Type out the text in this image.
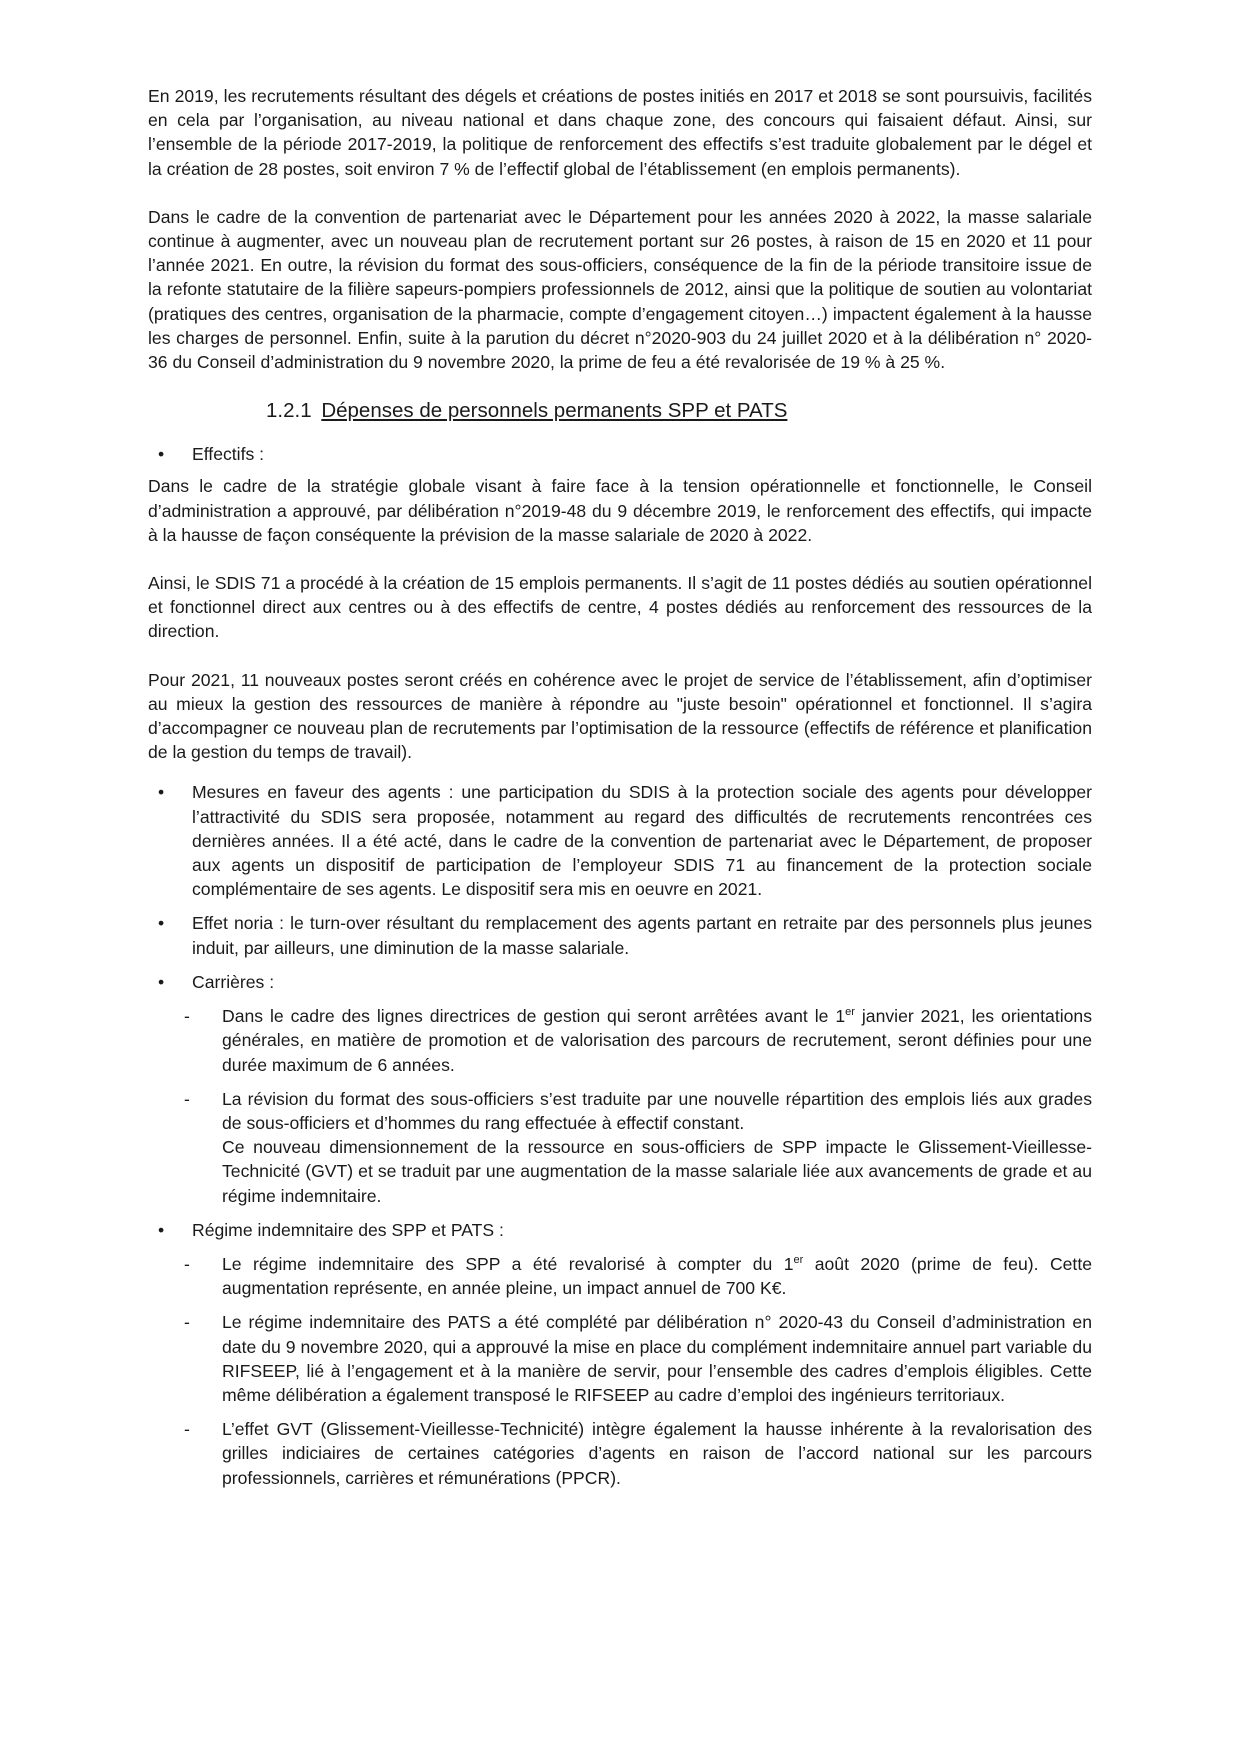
En 2019, les recrutements résultant des dégels et créations de postes initiés en 2017 et 2018 se sont poursuivis, facilités en cela par l’organisation, au niveau national et dans chaque zone, des concours qui faisaient défaut. Ainsi, sur l’ensemble de la période 2017-2019, la politique de renforcement des effectifs s’est traduite globalement par le dégel et la création de 28 postes, soit environ 7 % de l’effectif global de l’établissement (en emplois permanents).

Dans le cadre de la convention de partenariat avec le Département pour les années 2020 à 2022, la masse salariale continue à augmenter, avec un nouveau plan de recrutement portant sur 26 postes, à raison de 15 en 2020 et 11 pour l’année 2021. En outre, la révision du format des sous-officiers, conséquence de la fin de la période transitoire issue de la refonte statutaire de la filière sapeurs-pompiers professionnels de 2012, ainsi que la politique de soutien au volontariat (pratiques des centres, organisation de la pharmacie, compte d’engagement citoyen…) impactent également à la hausse les charges de personnel. Enfin, suite à la parution du décret n°2020-903 du 24 juillet 2020 et à la délibération n° 2020-36 du Conseil d’administration du 9 novembre 2020, la prime de feu a été revalorisée de 19 % à 25 %.

1.2.1 Dépenses de personnels permanents SPP et PATS
• Effectifs :

Dans le cadre de la stratégie globale visant à faire face à la tension opérationnelle et fonctionnelle, le Conseil d’administration a approuvé, par délibération n°2019-48 du 9 décembre 2019, le renforcement des effectifs, qui impacte à la hausse de façon conséquente la prévision de la masse salariale de 2020 à 2022.

Ainsi, le SDIS 71 a procédé à la création de 15 emplois permanents. Il s’agit de 11 postes dédiés au soutien opérationnel et fonctionnel direct aux centres ou à des effectifs de centre, 4 postes dédiés au renforcement des ressources de la direction.

Pour 2021, 11 nouveaux postes seront créés en cohérence avec le projet de service de l’établissement, afin d’optimiser au mieux la gestion des ressources de manière à répondre au "juste besoin" opérationnel et fonctionnel. Il s’agira d’accompagner ce nouveau plan de recrutements par l’optimisation de la ressource (effectifs de référence et planification de la gestion du temps de travail).

• Mesures en faveur des agents : une participation du SDIS à la protection sociale des agents pour développer l’attractivité du SDIS sera proposée, notamment au regard des difficultés de recrutements rencontrées ces dernières années. Il a été acté, dans le cadre de la convention de partenariat avec le Département, de proposer aux agents un dispositif de participation de l’employeur SDIS 71 au financement de la protection sociale complémentaire de ses agents. Le dispositif sera mis en oeuvre en 2021.
• Effet noria : le turn-over résultant du remplacement des agents partant en retraite par des personnels plus jeunes induit, par ailleurs, une diminution de la masse salariale.
• Carrières :
- Dans le cadre des lignes directrices de gestion qui seront arrêtées avant le 1er janvier 2021, les orientations générales, en matière de promotion et de valorisation des parcours de recrutement, seront définies pour une durée maximum de 6 années.
- La révision du format des sous-officiers s’est traduite par une nouvelle répartition des emplois liés aux grades de sous-officiers et d’hommes du rang effectuée à effectif constant.
Ce nouveau dimensionnement de la ressource en sous-officiers de SPP impacte le Glissement-Vieillesse-Technicité (GVT) et se traduit par une augmentation de la masse salariale liée aux avancements de grade et au régime indemnitaire.
• Régime indemnitaire des SPP et PATS :
- Le régime indemnitaire des SPP a été revalorisé à compter du 1er août 2020 (prime de feu). Cette augmentation représente, en année pleine, un impact annuel de 700 K€.
- Le régime indemnitaire des PATS a été complété par délibération n° 2020-43 du Conseil d’administration en date du 9 novembre 2020, qui a approuvé la mise en place du complément indemnitaire annuel part variable du RIFSEEP, lié à l’engagement et à la manière de servir, pour l’ensemble des cadres d’emplois éligibles. Cette même délibération a également transposé le RIFSEEP au cadre d’emploi des ingénieurs territoriaux.
- L’effet GVT (Glissement-Vieillesse-Technicité) intègre également la hausse inhérente à la revalorisation des grilles indiciaires de certaines catégories d’agents en raison de l’accord national sur les parcours professionnels, carrières et rémunérations (PPCR).
